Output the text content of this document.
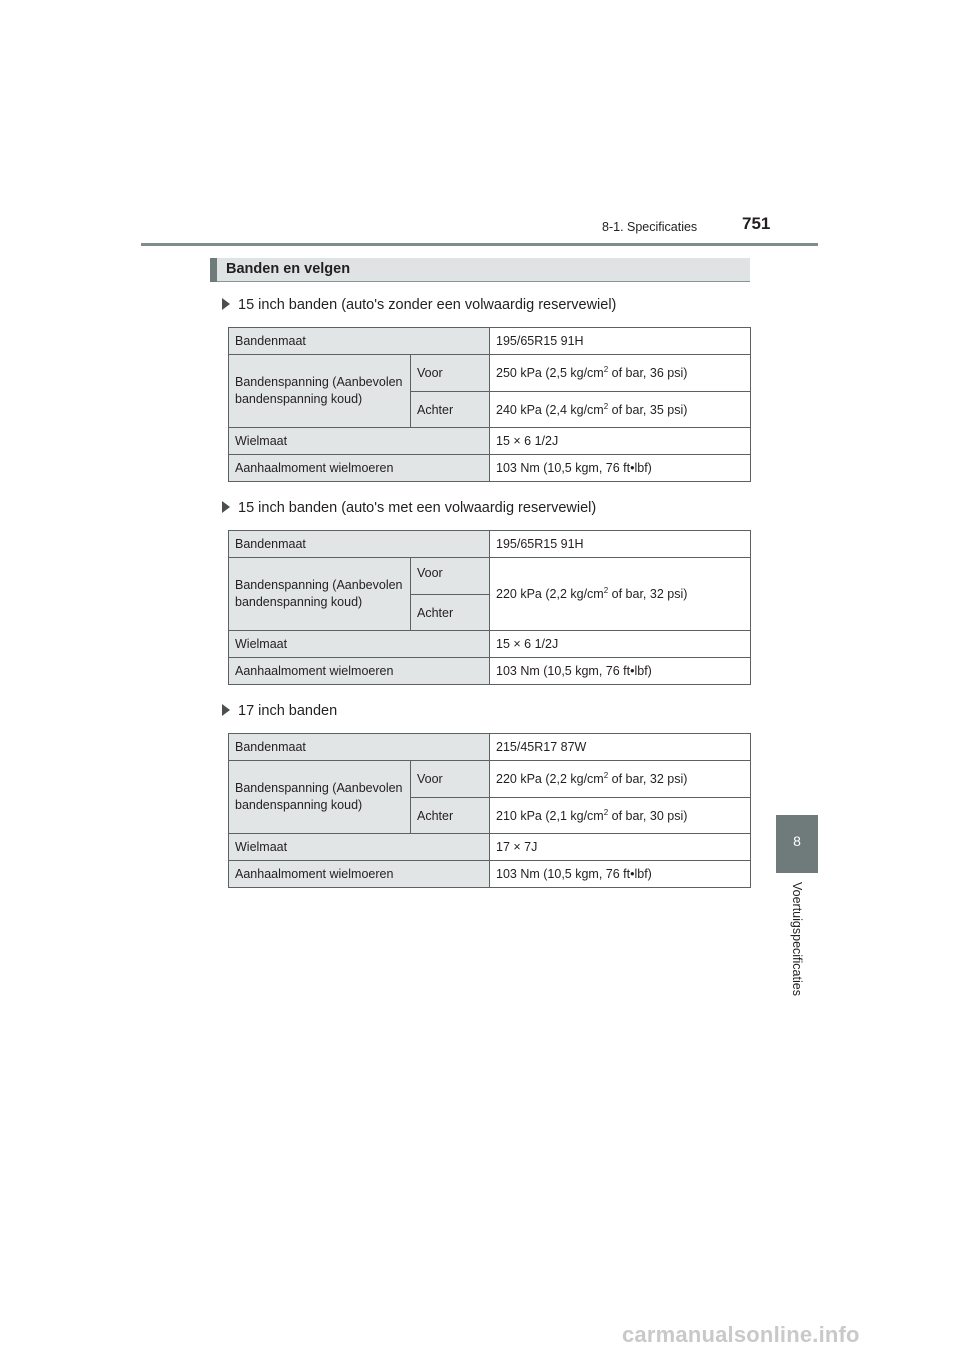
8-1. Specificaties	751
8
Voertuigspecificaties
Banden en velgen
15 inch banden (auto's zonder een volwaardig reservewiel)
Bandenmaat		195/65R15 91H
Bandenspanning (Aanbevolen bandenspanning koud)	Voor	250 kPa (2,5 $kg/cm^2$ of bar, 36 psi)
	Achter	240 kPa (2,4 $kg/cm^2$ of bar, 35 psi)
Wielmaat		15 × 6 1/2J
Aanhaalmoment wielmoeren		103 Nm (10,5 kgm, 76 ft•lbf)
15 inch banden (auto's met een volwaardig reservewiel)
Bandenmaat		195/65R15 91H
Bandenspanning (Aanbevolen bandenspanning koud)	Voor	220 kPa (2,2 $kg/cm^2$ of bar, 32 psi)
	Achter	
Wielmaat		15 × 6 1/2J
Aanhaalmoment wielmoeren		103 Nm (10,5 kgm, 76 ft•lbf)
17 inch banden
Bandenmaat		215/45R17 87W
Bandenspanning (Aanbevolen bandenspanning koud)	Voor	220 kPa (2,2 $kg/cm^2$ of bar, 32 psi)
	Achter	210 kPa (2,1 $kg/cm^2$ of bar, 30 psi)
Wielmaat		17 × 7J
Aanhaalmoment wielmoeren		103 Nm (10,5 kgm, 76 ft•lbf)
carmanualsonline.info
